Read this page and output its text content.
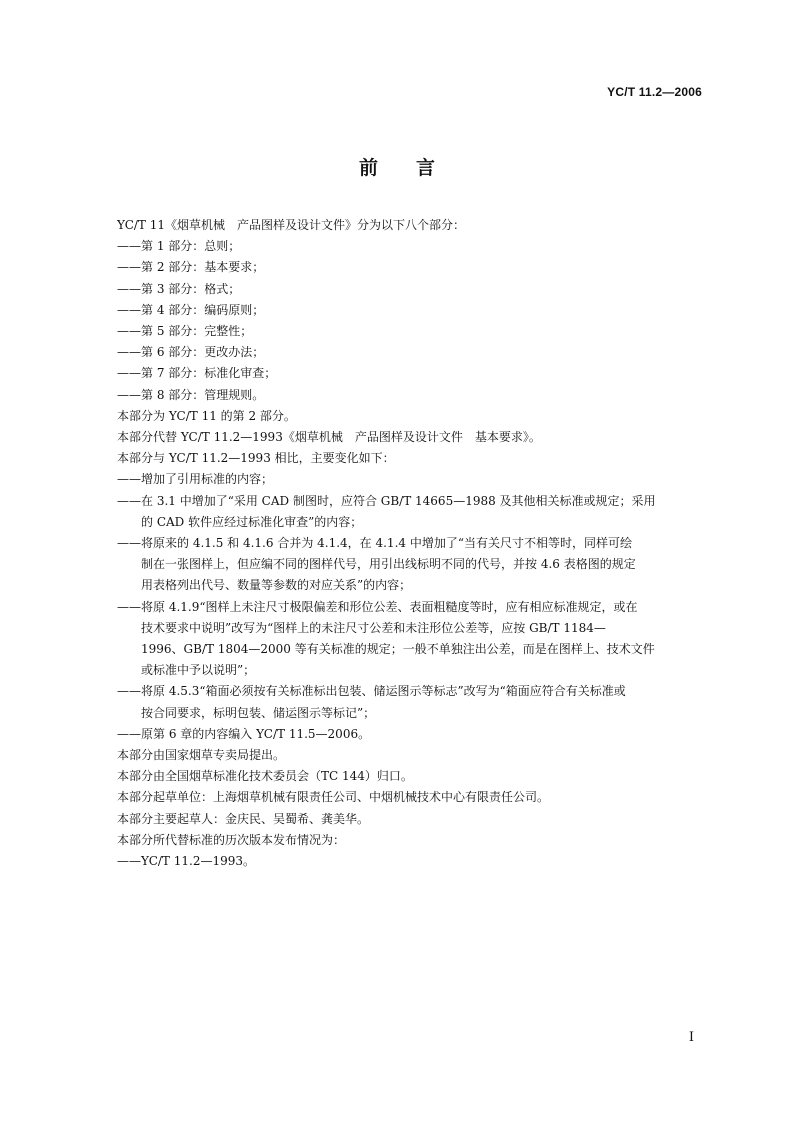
YC/T 11.2—2006
前 言
YC/T 11《烟草机械　产品图样及设计文件》分为以下八个部分：
——第 1 部分：总则；
——第 2 部分：基本要求；
——第 3 部分：格式；
——第 4 部分：编码原则；
——第 5 部分：完整性；
——第 6 部分：更改办法；
——第 7 部分：标准化审查；
——第 8 部分：管理规则。
本部分为 YC/T 11 的第 2 部分。
本部分代替 YC/T 11.2—1993《烟草机械　产品图样及设计文件　基本要求》。
本部分与 YC/T 11.2—1993 相比，主要变化如下：
——增加了引用标准的内容；
—— 在 3.1 中增加了“采用 CAD 制图时，应符合 GB/T 14665—1988 及其他相关标准或规定；采用
的 CAD 软件应经过标准化审查”的内容；
—— 将原来的 4.1.5 和 4.1.6 合并为 4.1.4，在 4.1.4 中增加了“当有关尺寸不相等时，同样可绘
制在一张图样上，但应编不同的图样代号，用引出线标明不同的代号，并按 4.6 表格图的规定
用表格列出代号、数量等参数的对应关系”的内容；
—— 将原 4.1.9“图样上未注尺寸极限偏差和形位公差、表面粗糙度等时，应有相应标准规定，或在
技术要求中说明”改写为“图样上的未注尺寸公差和未注形位公差等，应按 GB/T 1184—
1996、GB/T 1804—2000 等有关标准的规定；一般不单独注出公差，而是在图样上、技术文件
或标准中予以说明”；
—— 将原 4.5.3“箱面必须按有关标准标出包装、储运图示等标志”改写为“箱面应符合有关标准或
按合同要求，标明包装、储运图示等标记”；
—— 原第 6 章的内容编入 YC/T 11.5—2006。
本部分由国家烟草专卖局提出。
本部分由全国烟草标准化技术委员会（TC 144）归口。
本部分起草单位：上海烟草机械有限责任公司、中烟机械技术中心有限责任公司。
本部分主要起草人：金庆民、吴蜀希、龚美华。
本部分所代替标准的历次版本发布情况为：
——YC/T 11.2—1993。
I
